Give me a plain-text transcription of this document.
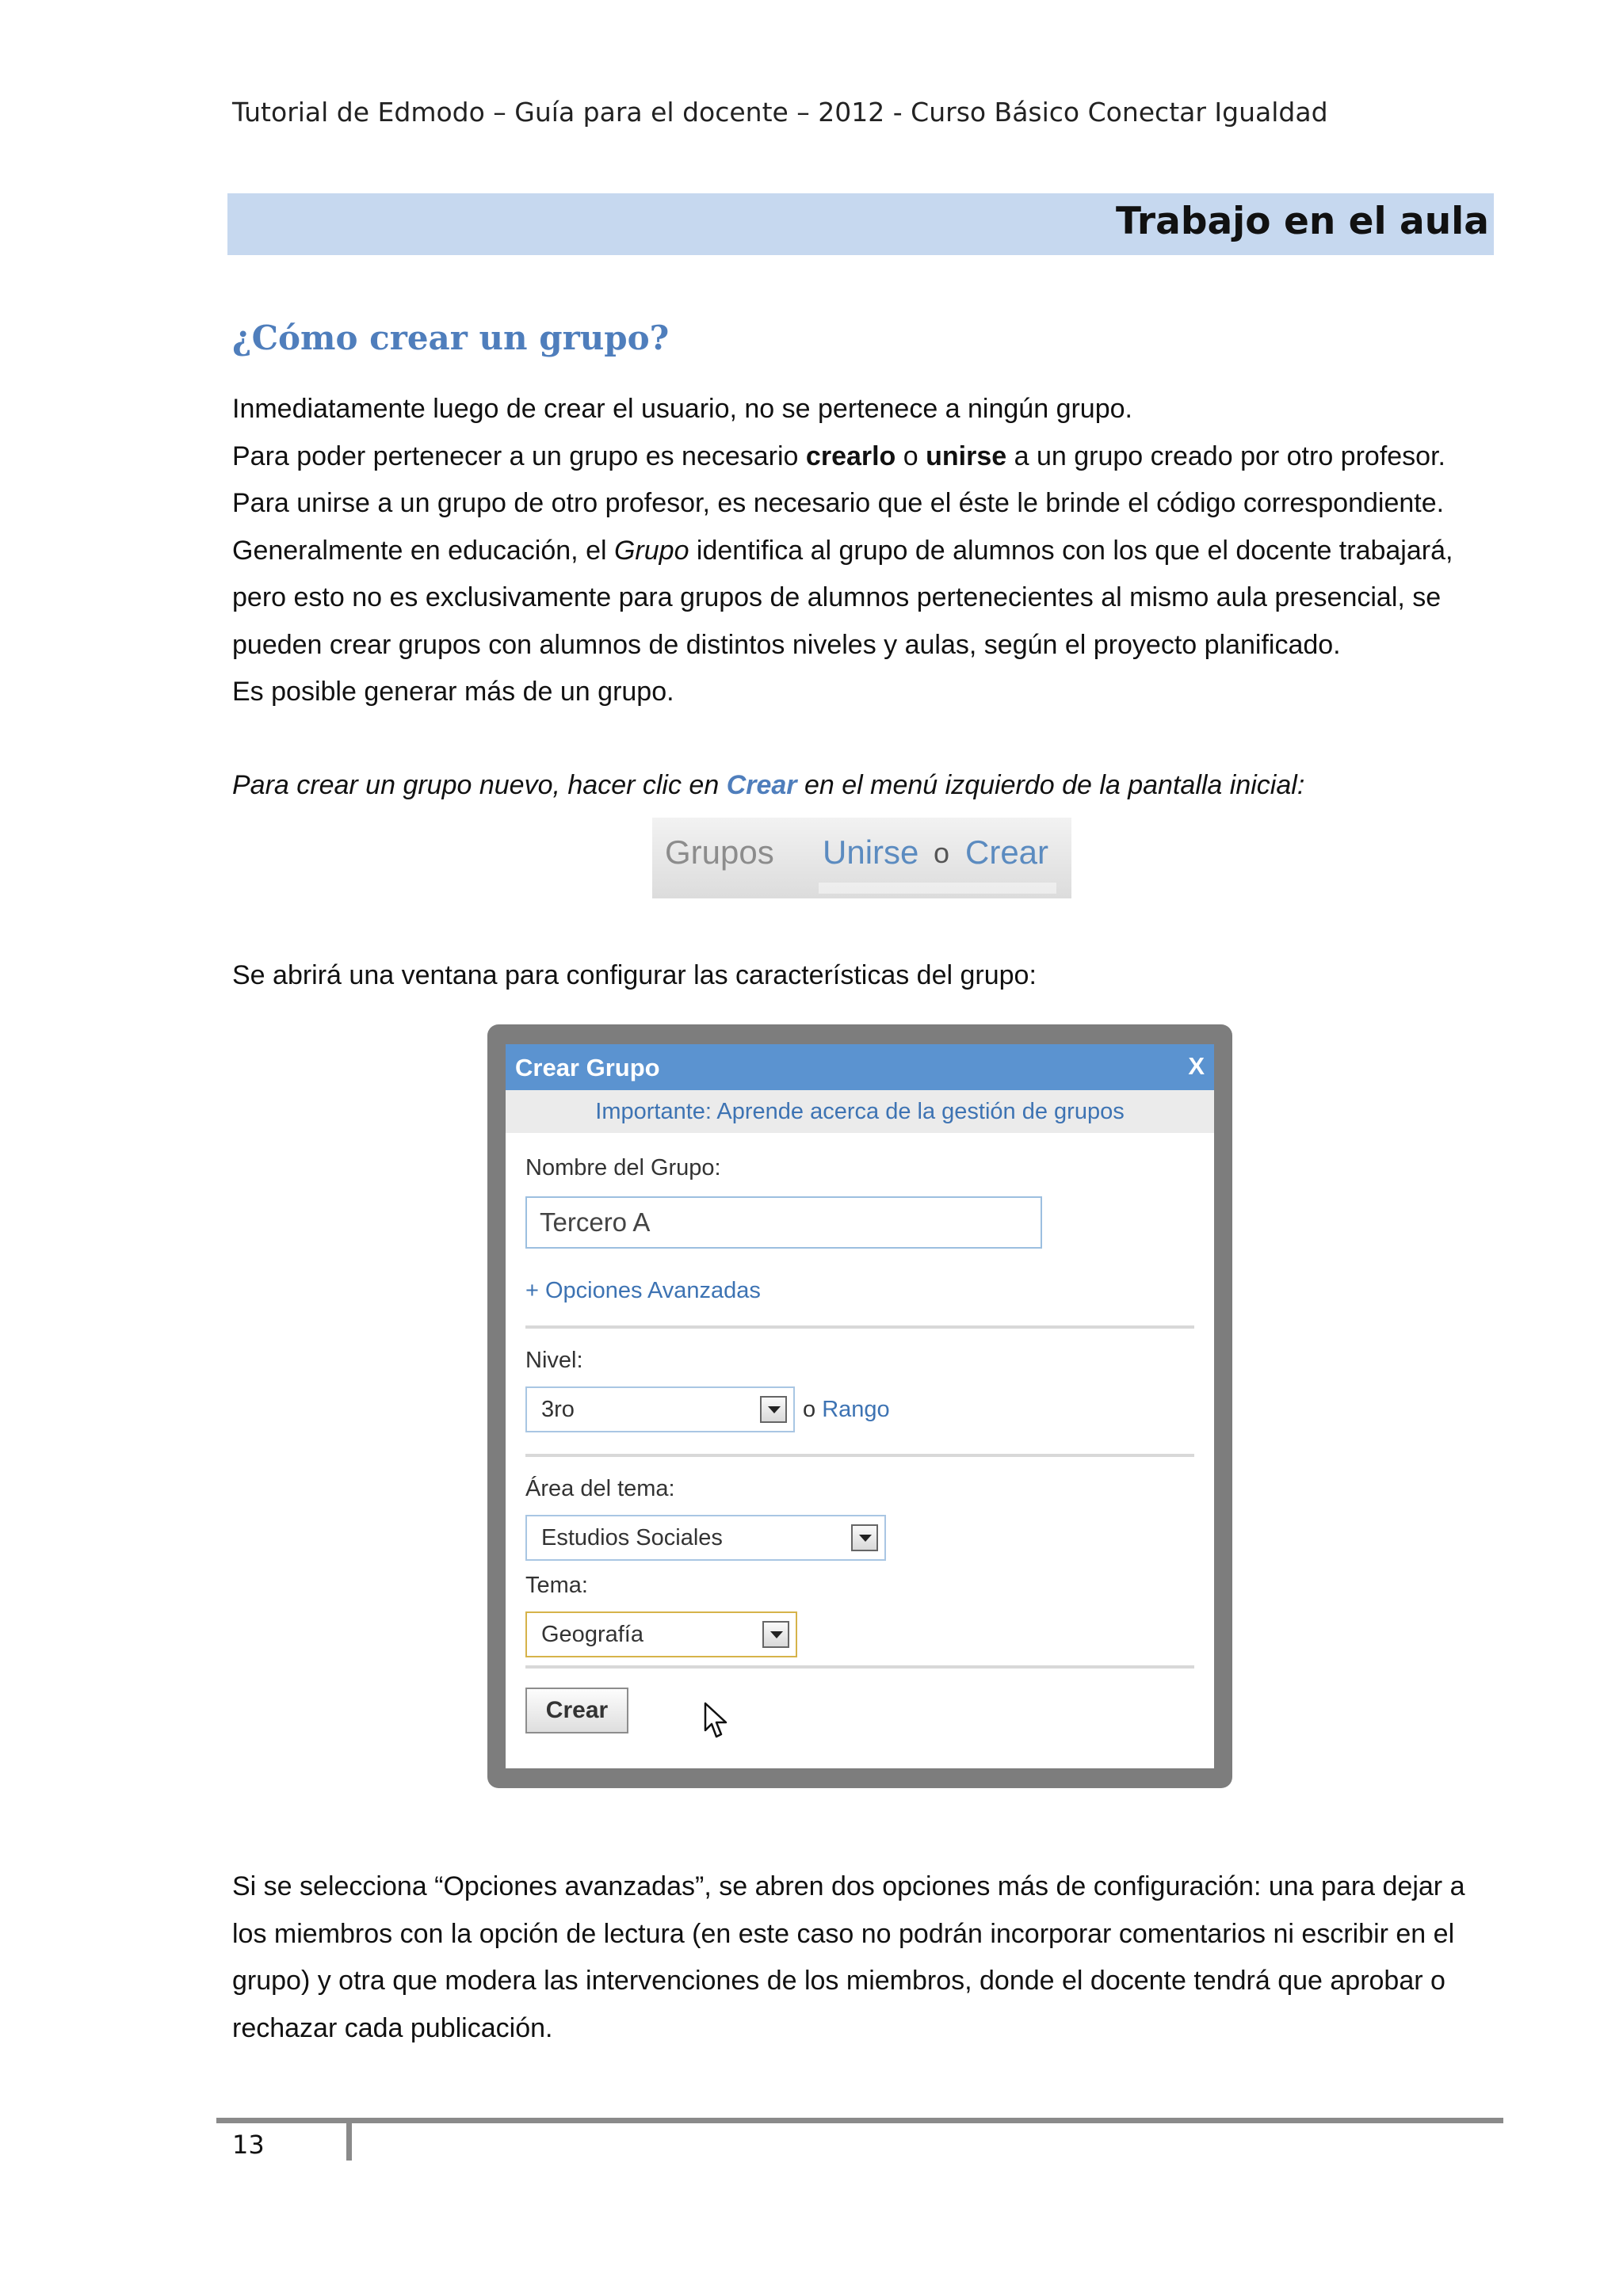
Tutorial de Edmodo – Guía para el docente – 2012 - Curso Básico Conectar Igualdad
Trabajo en el aula
¿Cómo crear un grupo?

Inmediatamente luego de crear el usuario, no se pertenece a ningún grupo.

Para poder pertenecer a un grupo es necesario crearlo o unirse a un grupo creado por otro profesor.

Para unirse a un grupo de otro profesor, es necesario que el éste le brinde el código correspondiente.

Generalmente en educación, el Grupo identifica al grupo de alumnos con los que el docente trabajará,

pero esto no es exclusivamente para grupos de alumnos pertenecientes al mismo aula presencial, se

pueden crear grupos con alumnos de distintos niveles y aulas, según el proyecto planificado.

Es posible generar más de un grupo.

Para crear un grupo nuevo, hacer clic en Crear en el menú izquierdo de la pantalla inicial:
Grupos Unirse o Crear
Se abrirá una ventana para configurar las características del grupo:
Crear Grupo	X
Importante: Aprende acerca de la gestión de grupos
Nombre del Grupo:
Tercero A
+ Opciones Avanzadas
Nivel:
3ro	o Rango
Área del tema:
Estudios Sociales
Tema:
Geografía
Crear

Si se selecciona “Opciones avanzadas”, se abren dos opciones más de configuración: una para dejar a

los miembros con la opción de lectura (en este caso no podrán incorporar comentarios ni escribir en el

grupo) y otra que modera las intervenciones de los miembros, donde el docente tendrá que aprobar o

rechazar cada publicación.

13
